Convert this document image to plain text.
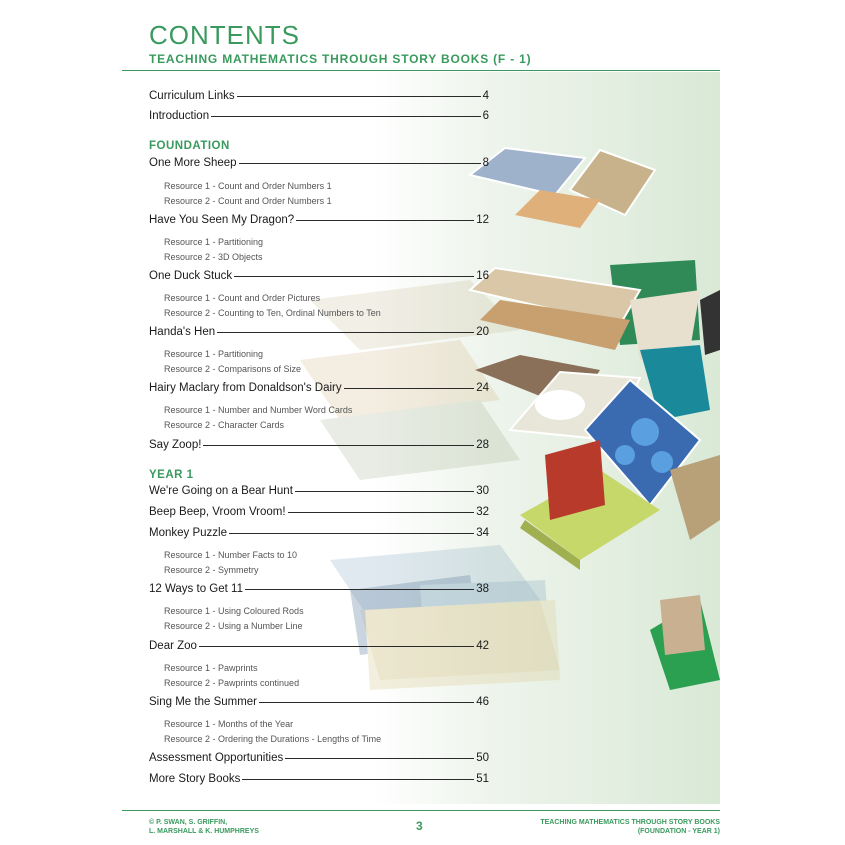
CONTENTS
TEACHING MATHEMATICS THROUGH STORY BOOKS (F - 1)
Curriculum Links	4
Introduction	6
FOUNDATION
One More Sheep	8
Resource 1 - Count and Order Numbers 1
Resource 2 - Count and Order Numbers 1
Have You Seen My Dragon?	12
Resource 1 - Partitioning
Resource 2 - 3D Objects
One Duck Stuck	16
Resource 1 - Count and Order Pictures
Resource 2 - Counting to Ten, Ordinal Numbers to Ten
Handa's Hen	20
Resource 1 - Partitioning
Resource 2 - Comparisons of Size
Hairy Maclary from Donaldson's Dairy	24
Resource 1 - Number and Number Word Cards
Resource 2 - Character Cards
Say Zoop!	28
YEAR 1
We're Going on a Bear Hunt	30
Beep Beep, Vroom Vroom!	32
Monkey Puzzle	34
Resource 1 - Number Facts to 10
Resource 2 - Symmetry
12 Ways to Get 11	38
Resource 1 - Using Coloured Rods
Resource 2 - Using a Number Line
Dear Zoo	42
Resource 1 - Pawprints
Resource 2 - Pawprints continued
Sing Me the Summer	46
Resource 1 - Months of the Year
Resource 2 - Ordering the Durations - Lengths of Time
Assessment Opportunities	50
More Story Books	51
© P. SWAN, S. GRIFFIN,
L. MARSHALL & K. HUMPHREYS	3	TEACHING MATHEMATICS THROUGH STORY BOOKS
(FOUNDATION - YEAR 1)
